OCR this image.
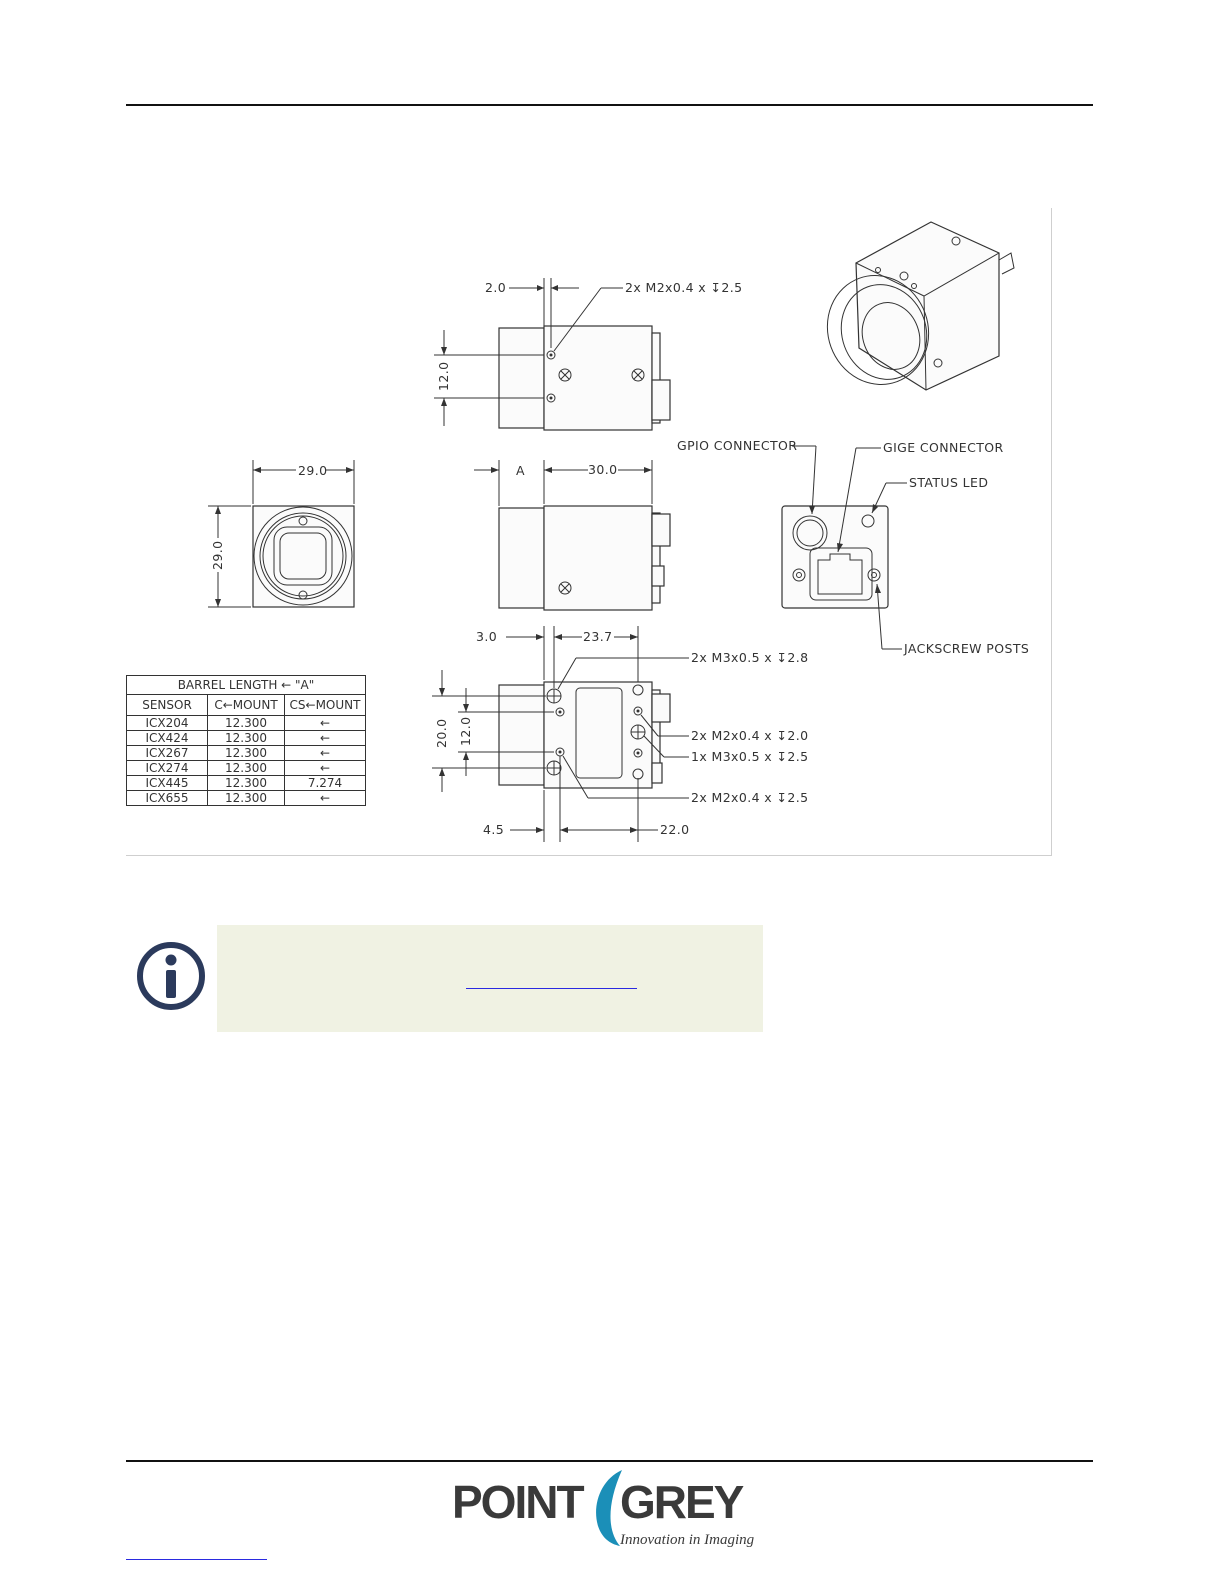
2.0	2x M2x0.4 x ↧2.5
12.0
29.0
29.0
A	30.0
GPIO CONNECTOR	GIGE CONNECTOR
STATUS LED
JACKSCREW POSTS
3.0	23.7
4.5	22.0
20.0 12.0
2x M3x0.5 x ↧2.8
2x M2x0.4 x ↧2.0
1x M3x0.5 x ↧2.5
2x M2x0.4 x ↧2.5
BARREL LENGTH ← "A"		
SENSOR	C←MOUNT	CS←MOUNT
ICX204	12.300	←
ICX424	12.300	←
ICX267	12.300	←
ICX274	12.300	←
ICX445	12.300	7.274
ICX655	12.300	←
POINT GREY
Innovation in Imaging
